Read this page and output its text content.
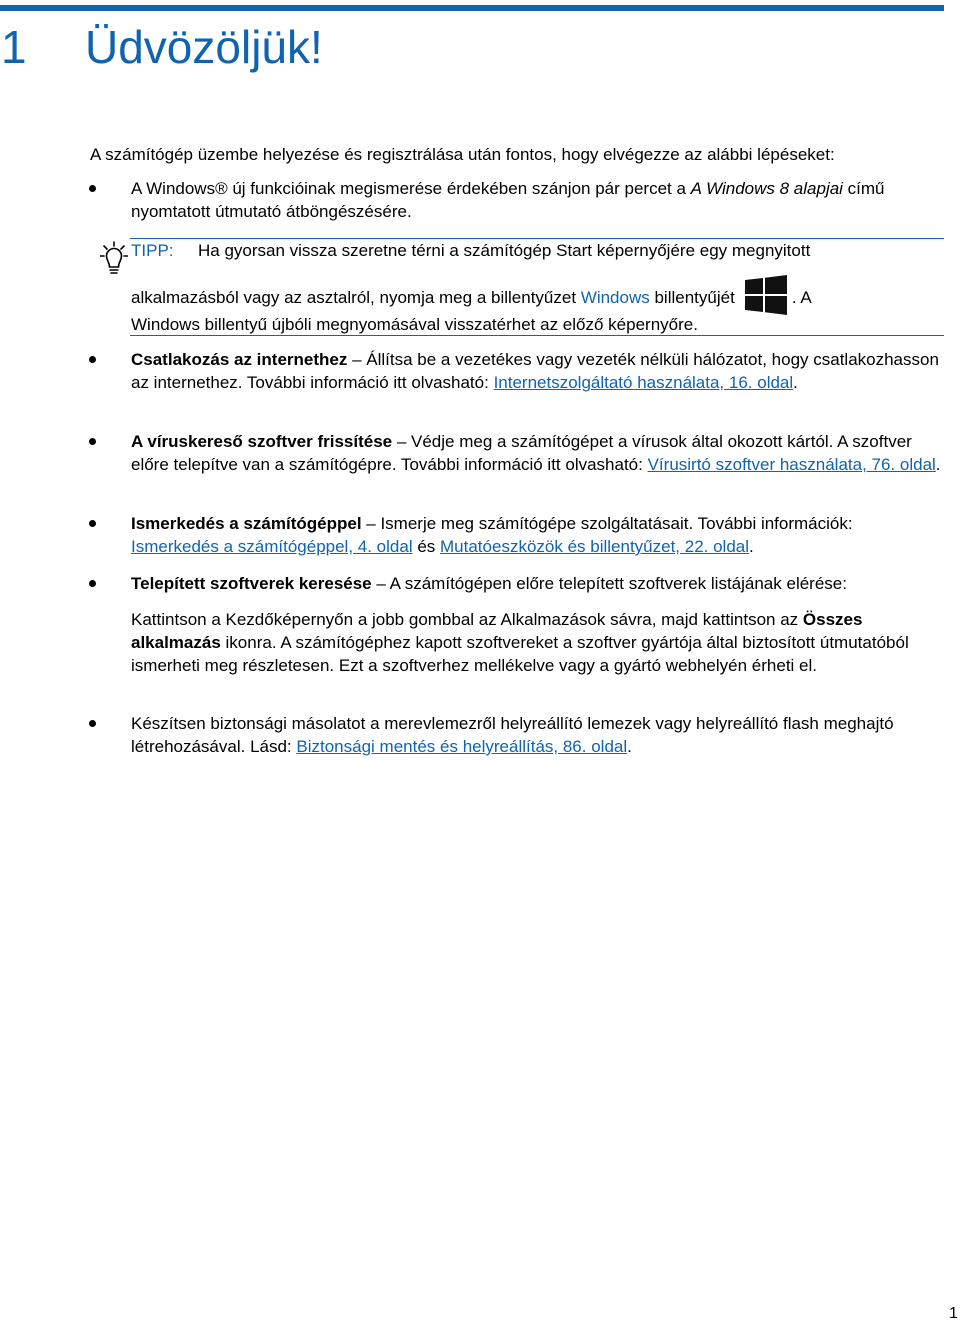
1 Üdvözöljük!
A számítógép üzembe helyezése és regisztrálása után fontos, hogy elvégezze az alábbi lépéseket:
A Windows® új funkcióinak megismerése érdekében szánjon pár percet a A Windows 8 alapjai című nyomtatott útmutató átböngészésére.
Csatlakozás az internethez – Állítsa be a vezetékes vagy vezeték nélküli hálózatot, hogy csatlakozhasson az internethez. További információ itt olvasható: Internetszolgáltató használata, 16. oldal.
A víruskereső szoftver frissítése – Védje meg a számítógépet a vírusok által okozott kártól. A szoftver előre telepítve van a számítógépre. További információ itt olvasható: Vírusirtó szoftver használata, 76. oldal.
Ismerkedés a számítógéppel – Ismerje meg számítógépe szolgáltatásait. További információk: Ismerkedés a számítógéppel, 4. oldal és Mutatóeszközök és billentyűzet, 22. oldal.
Telepített szoftverek keresése – A számítógépen előre telepített szoftverek listájának elérése:
Kattintson a Kezdőképernyőn a jobb gombbal az Alkalmazások sávra, majd kattintson az Összes alkalmazás ikonra. A számítógéphez kapott szoftvereket a szoftver gyártója által biztosított útmutatóból ismerheti meg részletesen. Ezt a szoftverhez mellékelve vagy a gyártó webhelyén érheti el.
Készítsen biztonsági másolatot a merevlemezről helyreállító lemezek vagy helyreállító flash meghajtó létrehozásával. Lásd: Biztonsági mentés és helyreállítás, 86. oldal.
TIPP: Ha gyorsan vissza szeretne térni a számítógép Start képernyőjére egy megnyitott
alkalmazásból vagy az asztalról, nyomja meg a billentyűzet Windows billentyűjét	. A
Windows billentyű újbóli megnyomásával visszatérhet az előző képernyőre.
1
